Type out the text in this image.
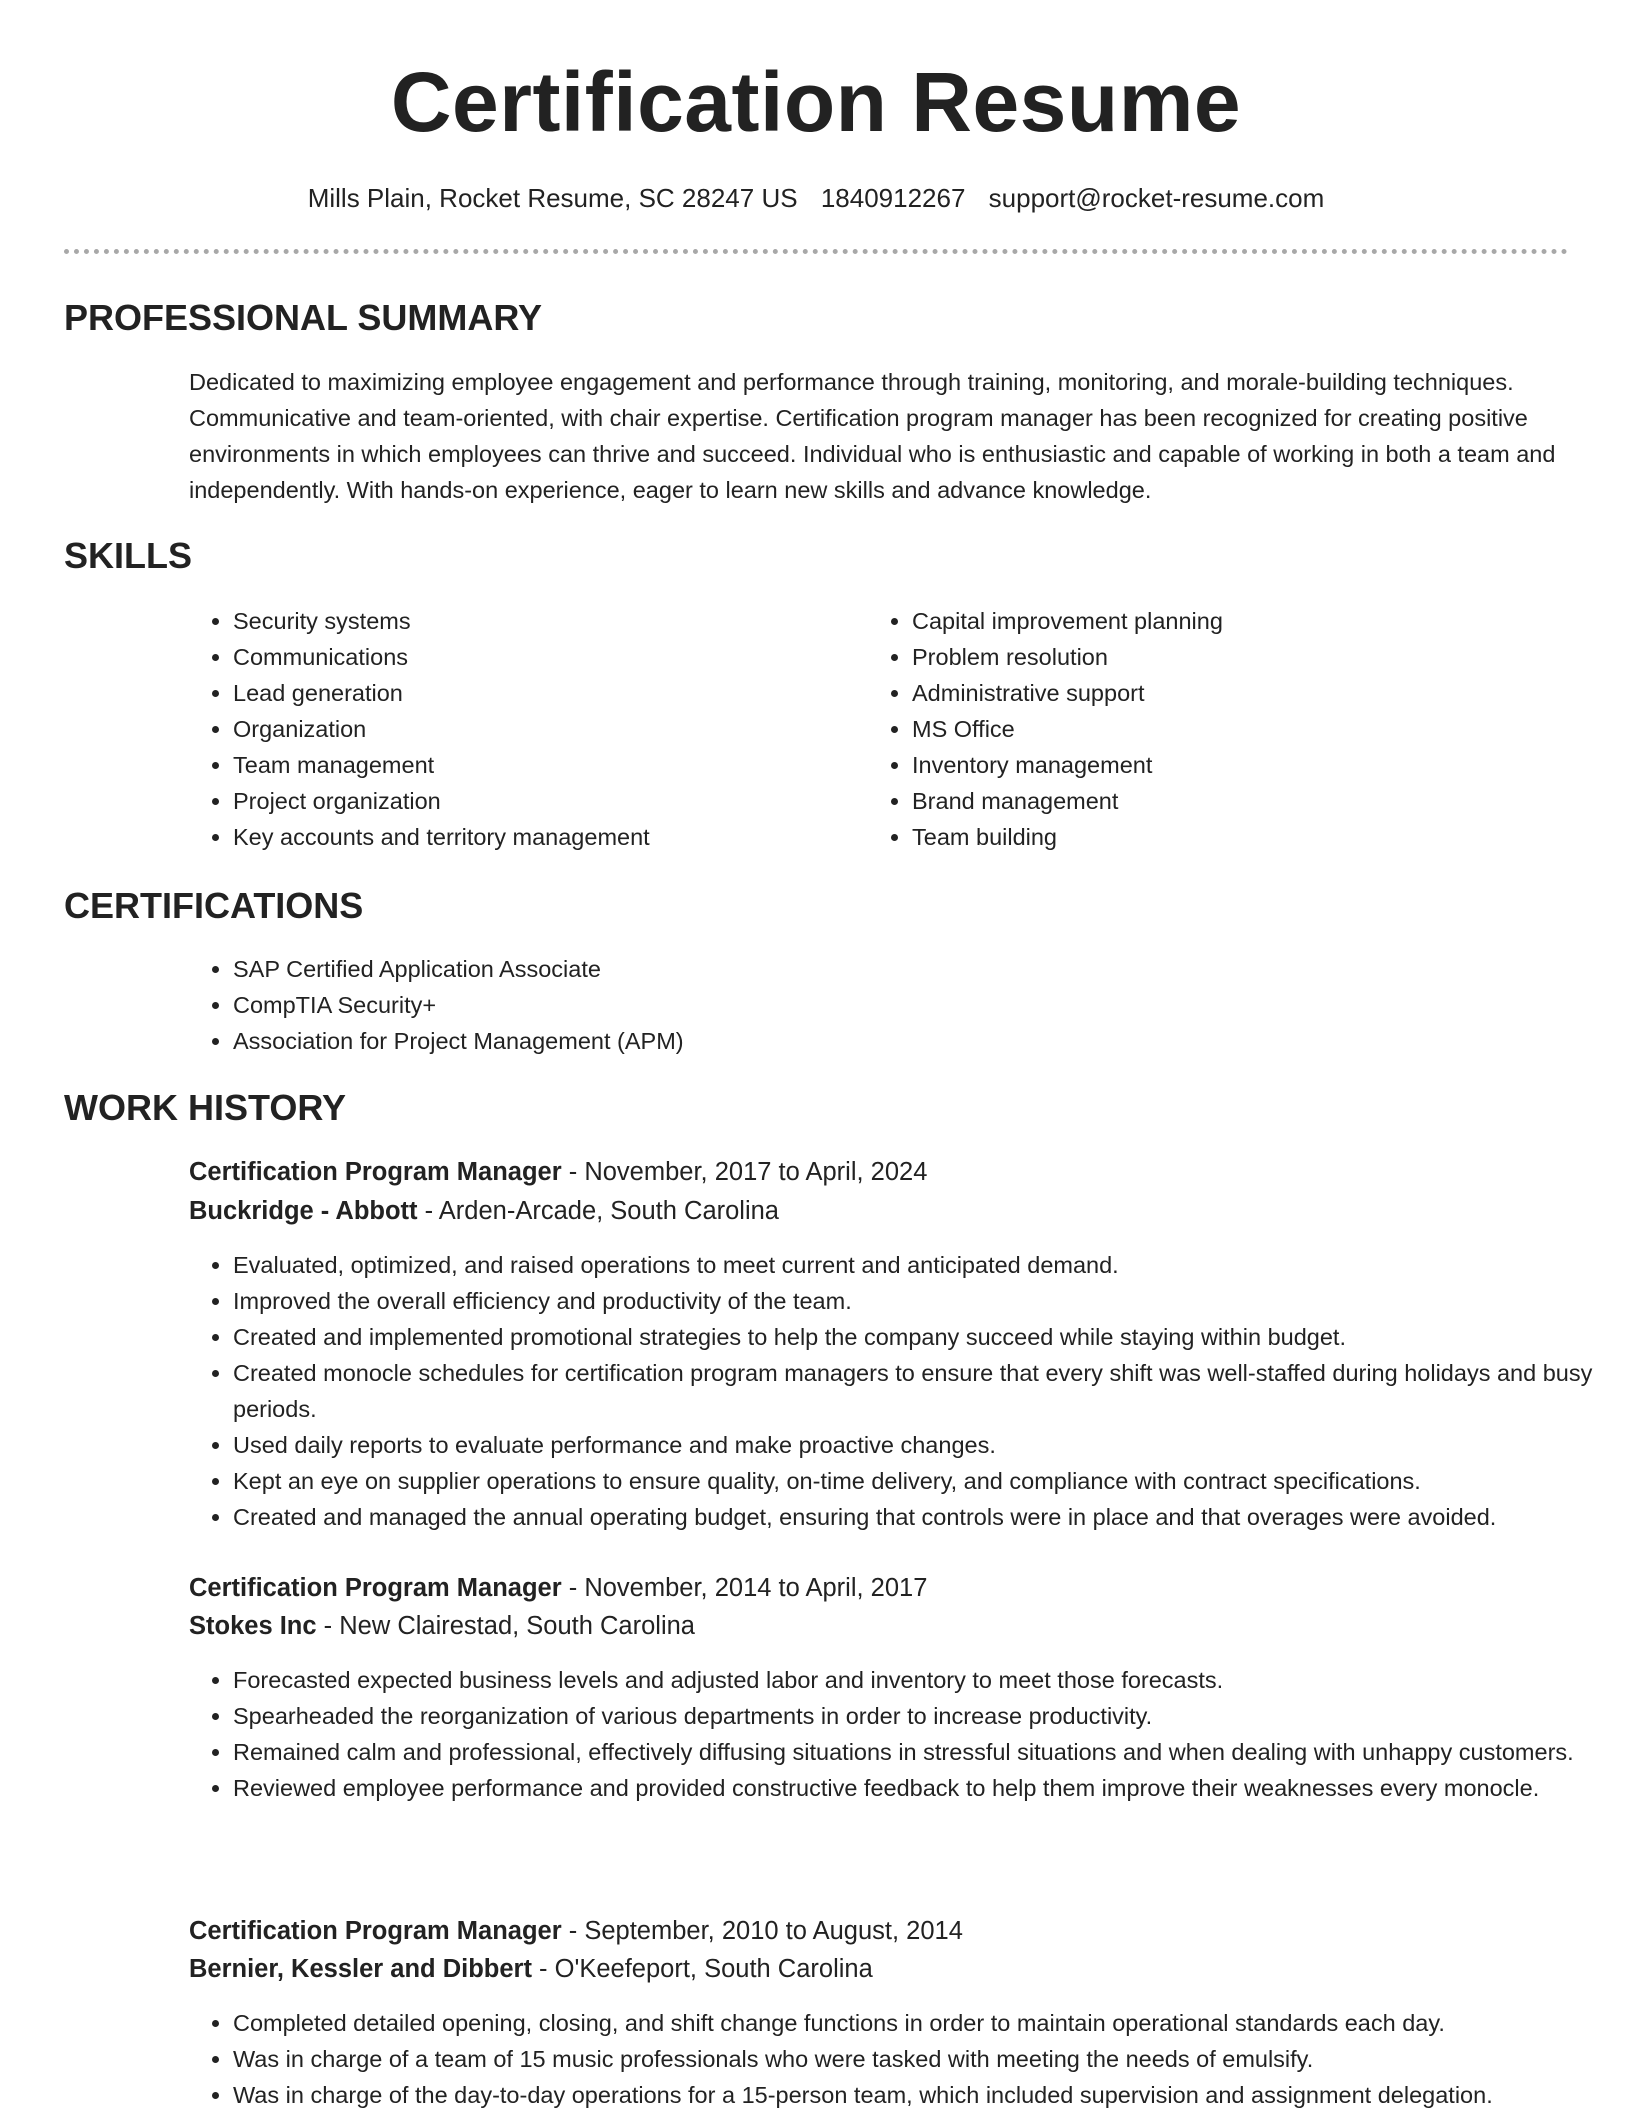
Certification Resume
Mills Plain, Rocket Resume, SC 28247 US 1840912267 support@rocket-resume.com
PROFESSIONAL SUMMARY

Dedicated to maximizing employee engagement and performance through training, monitoring, and morale-building techniques. Communicative and team-oriented, with chair expertise. Certification program manager has been recognized for creating positive environments in which employees can thrive and succeed. Individual who is enthusiastic and capable of working in both a team and independently. With hands-on experience, eager to learn new skills and advance knowledge.

SKILLS
• Security systems
• Communications
• Lead generation
• Organization
• Team management
• Project organization
• Key accounts and territory management
• Capital improvement planning
• Problem resolution
• Administrative support
• MS Office
• Inventory management
• Brand management
• Team building
CERTIFICATIONS
• SAP Certified Application Associate
• CompTIA Security+
• Association for Project Management (APM)
WORK HISTORY
Certification Program Manager - November, 2017 to April, 2024
Buckridge - Abbott - Arden-Arcade, South Carolina
• Evaluated, optimized, and raised operations to meet current and anticipated demand.
• Improved the overall efficiency and productivity of the team.
• Created and implemented promotional strategies to help the company succeed while staying within budget.
• Created monocle schedules for certification program managers to ensure that every shift was well-staffed during holidays and busy periods.
• Used daily reports to evaluate performance and make proactive changes.
• Kept an eye on supplier operations to ensure quality, on-time delivery, and compliance with contract specifications.
• Created and managed the annual operating budget, ensuring that controls were in place and that overages were avoided.
Certification Program Manager - November, 2014 to April, 2017
Stokes Inc - New Clairestad, South Carolina
• Forecasted expected business levels and adjusted labor and inventory to meet those forecasts.
• Spearheaded the reorganization of various departments in order to increase productivity.
• Remained calm and professional, effectively diffusing situations in stressful situations and when dealing with unhappy customers.
• Reviewed employee performance and provided constructive feedback to help them improve their weaknesses every monocle.
Certification Program Manager - September, 2010 to August, 2014
Bernier, Kessler and Dibbert - O'Keefeport, South Carolina
• Completed detailed opening, closing, and shift change functions in order to maintain operational standards each day.
• Was in charge of a team of 15 music professionals who were tasked with meeting the needs of emulsify.
• Was in charge of the day-to-day operations for a 15-person team, which included supervision and assignment delegation.
